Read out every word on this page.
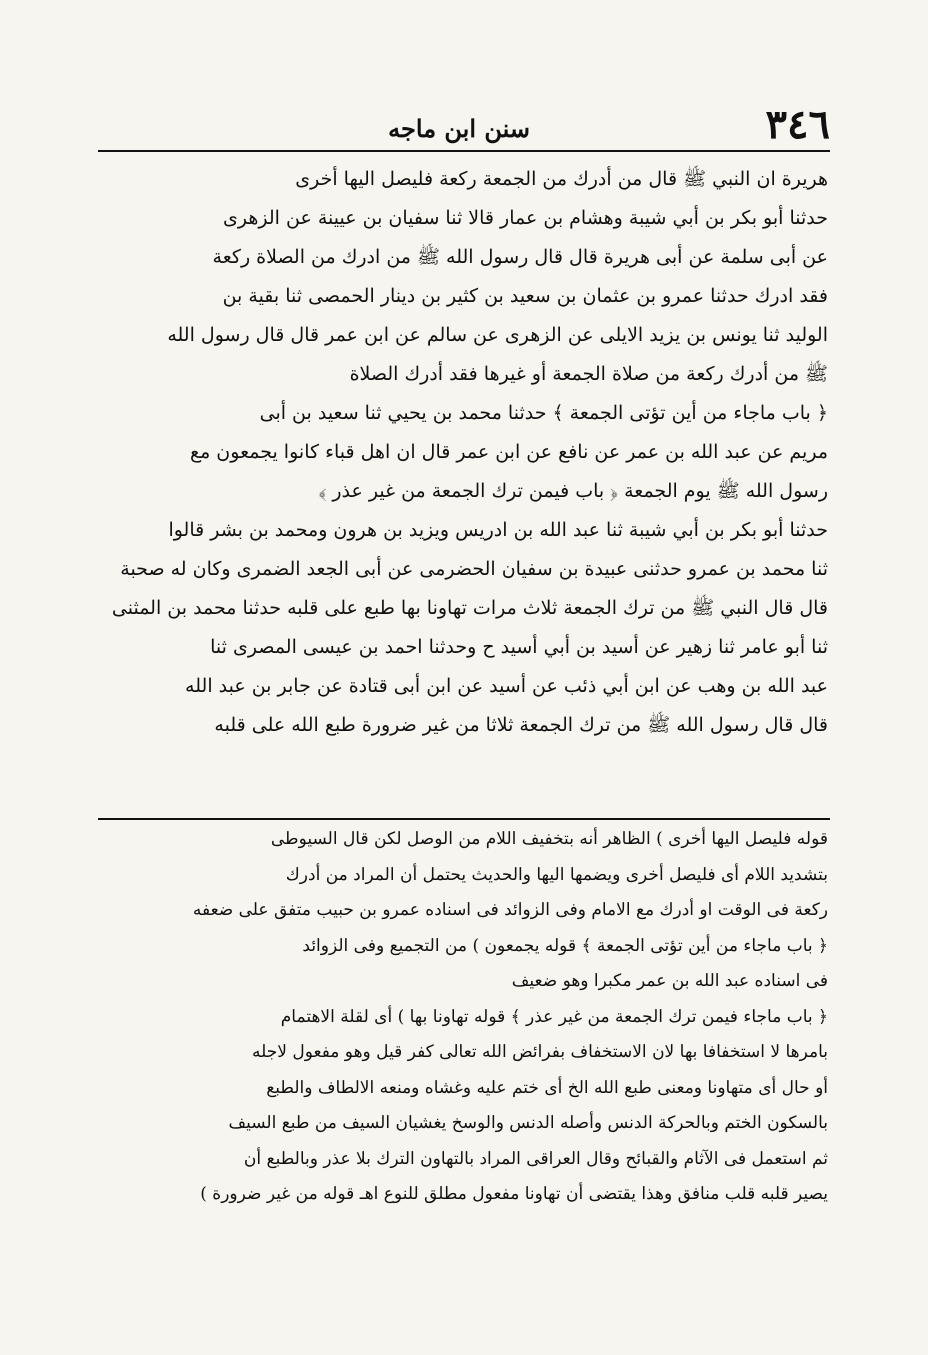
٣٤٦
سنن ابن ماجه
هريرة ان النبي ﷺ قال من أدرك من الجمعة ركعة فليصل اليها أخرى
حدثنا أبو بكر بن أبي شيبة وهشام بن عمار قالا ثنا سفيان بن عيينة عن الزهرى
عن أبى سلمة عن أبى هريرة قال قال رسول الله ﷺ من ادرك من الصلاة ركعة
فقد ادرك حدثنا عمرو بن عثمان بن سعيد بن كثير بن دينار الحمصى ثنا بقية بن
الوليد ثنا يونس بن يزيد الايلى عن الزهرى عن سالم عن ابن عمر قال قال رسول الله
ﷺ من أدرك ركعة من صلاة الجمعة أو غيرها فقد أدرك الصلاة
﴿ باب ماجاء من أين تؤتى الجمعة ﴾ حدثنا محمد بن يحيي ثنا سعيد بن أبى
مريم عن عبد الله بن عمر عن نافع عن ابن عمر قال ان اهل قباء كانوا يجمعون مع
رسول الله ﷺ يوم الجمعة ﴿ باب فيمن ترك الجمعة من غير عذر ﴾
حدثنا أبو بكر بن أبي شيبة ثنا عبد الله بن ادريس ويزيد بن هرون ومحمد بن بشر قالوا
ثنا محمد بن عمرو حدثنى عبيدة بن سفيان الحضرمى عن أبى الجعد الضمرى وكان له صحبة
قال قال النبي ﷺ من ترك الجمعة ثلاث مرات تهاونا بها طبع على قلبه حدثنا محمد بن المثنى
ثنا أبو عامر ثنا زهير عن أسيد بن أبي أسيد ح وحدثنا احمد بن عيسى المصرى ثنا
عبد الله بن وهب عن ابن أبي ذئب عن أسيد عن ابن أبى قتادة عن جابر بن عبد الله
قال قال رسول الله ﷺ من ترك الجمعة ثلاثا من غير ضرورة طبع الله على قلبه
قوله فليصل اليها أخرى ) الظاهر أنه بتخفيف اللام من الوصل لكن قال السيوطى
بتشديد اللام أى فليصل أخرى ويضمها اليها والحديث يحتمل أن المراد من أدرك
ركعة فى الوقت او أدرك مع الامام وفى الزوائد فى اسناده عمرو بن حبيب متفق على ضعفه
﴿ باب ماجاء من أين تؤتى الجمعة ﴾ قوله يجمعون ) من التجميع وفى الزوائد
فى اسناده عبد الله بن عمر مكبرا وهو ضعيف
﴿ باب ماجاء فيمن ترك الجمعة من غير عذر ﴾ قوله تهاونا بها ) أى لقلة الاهتمام
بامرها لا استخفافا بها لان الاستخفاف بفرائض الله تعالى كفر قيل وهو مفعول لاجله
أو حال أى متهاونا ومعنى طبع الله الخ أى ختم عليه وغشاه ومنعه الالطاف والطبع
بالسكون الختم وبالحركة الدنس وأصله الدنس والوسخ يغشيان السيف من طبع السيف
ثم استعمل فى الآثام والقبائح وقال العراقى المراد بالتهاون الترك بلا عذر وبالطبع أن
يصير قلبه قلب منافق وهذا يقتضى أن تهاونا مفعول مطلق للنوع اهـ قوله من غير ضرورة )
